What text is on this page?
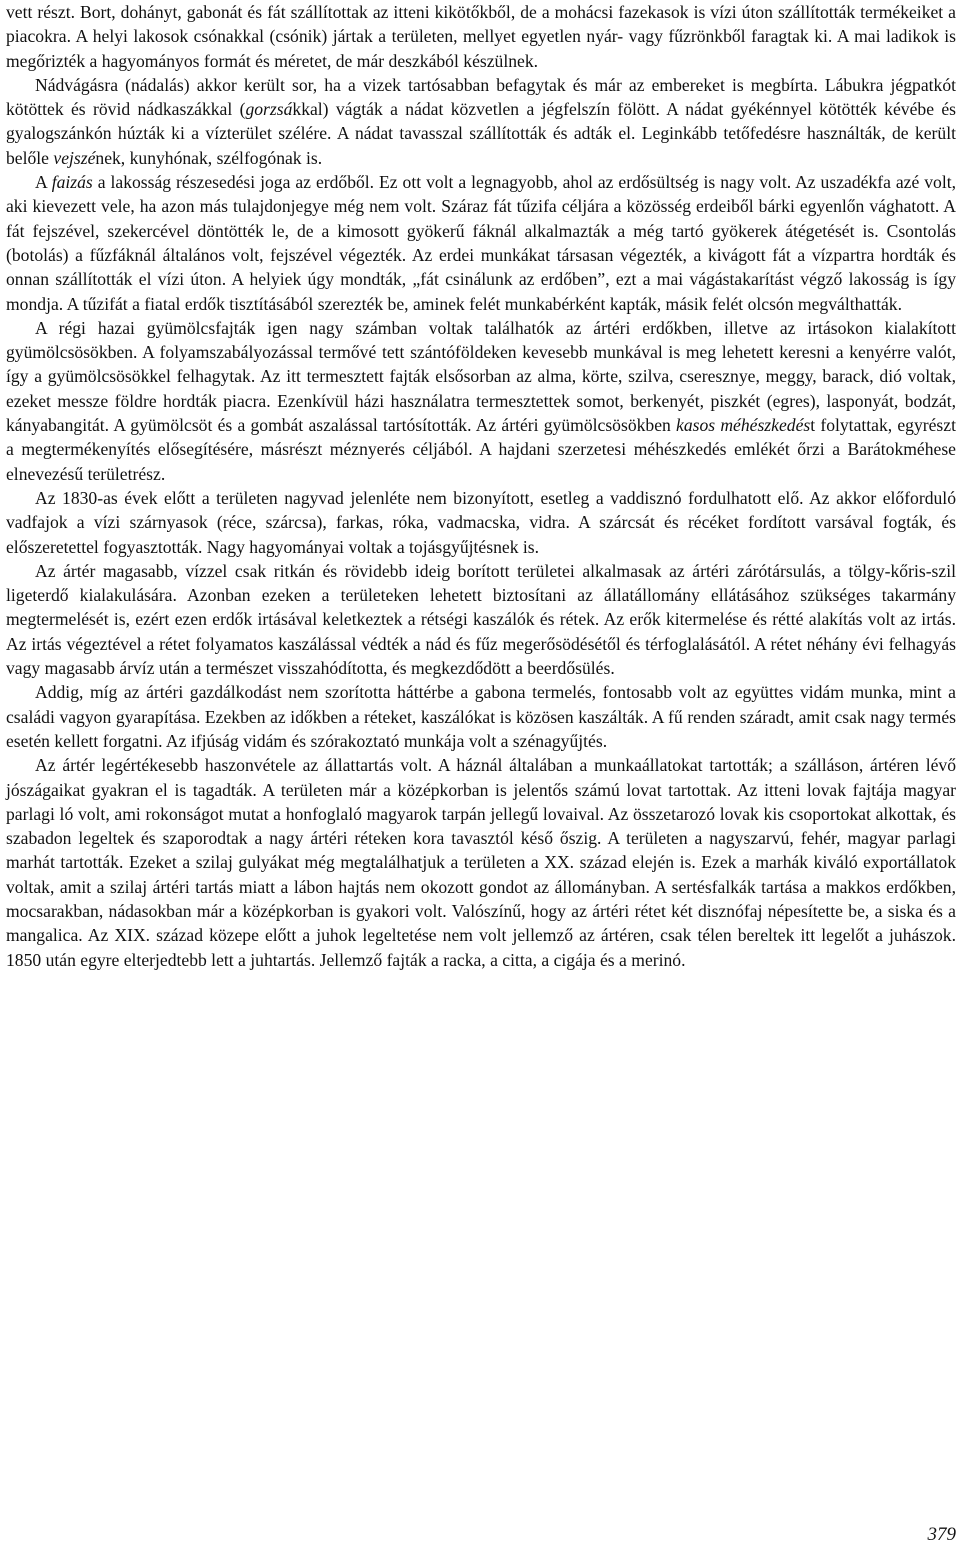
vett részt. Bort, dohányt, gabonát és fát szállítottak az itteni kikötőkből, de a mohácsi fazekasok is vízi úton szállították termékeiket a piacokra. A helyi lakosok csónakkal (csónik) jártak a területen, mellyet egyetlen nyár- vagy fűzrönkből faragtak ki. A mai ladikok is megőrizték a hagyományos formát és méretet, de már deszkából készülnek.

Nádvágásra (nádalás) akkor került sor, ha a vizek tartósabban befagytak és már az embereket is megbírta. Lábukra jégpatkót kötöttek és rövid nádkaszákkal (gorzsákkal) vágták a nádat közvetlen a jégfelszín fölött. A nádat gyékénnyel kötötték kévébe és gyalogszánkón húzták ki a vízterület szélére. A nádat tavasszal szállították és adták el. Leginkább tetőfedésre használták, de került belőle vejszének, kunyhónak, szélfogónak is.

A faizás a lakosság részesedési joga az erdőből. Ez ott volt a legnagyobb, ahol az erdősültség is nagy volt. Az uszadékfa azé volt, aki kievezett vele, ha azon más tulajdonjegye még nem volt. Száraz fát tűzifa céljára a közösség erdeiből bárki egyenlőn vághatott. A fát fejszével, szekercével döntötték le, de a kimosott gyökerű fáknál alkalmazták a még tartó gyökerek átégetését is. Csontolás (botolás) a fűzfáknál általános volt, fejszével végezték. Az erdei munkákat társasan végezték, a kivágott fát a vízpartra hordták és onnan szállították el vízi úton. A helyiek úgy mondták, „fát csinálunk az erdőben”, ezt a mai vágástakarítást végző lakosság is így mondja. A tűzifát a fiatal erdők tisztításából szerezték be, aminek felét munkabérként kapták, másik felét olcsón megválthatták.

A régi hazai gyümölcsfajták igen nagy számban voltak találhatók az ártéri erdőkben, illetve az irtásokon kialakított gyümölcsösökben. A folyamszabályozással termővé tett szántóföldeken kevesebb munkával is meg lehetett keresni a kenyérre valót, így a gyümölcsösökkel felhagytak. Az itt termesztett fajták elsősorban az alma, körte, szilva, cseresznye, meggy, barack, dió voltak, ezeket messze földre hordták piacra. Ezenkívül házi használatra termesztettek somot, berkenyét, piszkét (egres), lasponyát, bodzát, kányabangitát. A gyümölcsöt és a gombát aszalással tartósították. Az ártéri gyümölcsösökben kasos méhészkedést folytattak, egyrészt a megtermékenyítés elősegítésére, másrészt méznyerés céljából. A hajdani szerzetesi méhészkedés emlékét őrzi a Barátokméhese elnevezésű területrész.

Az 1830-as évek előtt a területen nagyvad jelenléte nem bizonyított, esetleg a vaddisznó fordulhatott elő. Az akkor előforduló vadfajok a vízi szárnyasok (réce, szárcsa), farkas, róka, vadmacska, vidra. A szárcsát és récéket fordított varsával fogták, és előszeretettel fogyasztották. Nagy hagyományai voltak a tojásgyűjtésnek is.

Az ártér magasabb, vízzel csak ritkán és rövidebb ideig borított területei alkalmasak az ártéri zárótársulás, a tölgy-kőris-szil ligeterdő kialakulására. Azonban ezeken a területeken lehetett biztosítani az állatállomány ellátásához szükséges takarmány megtermelését is, ezért ezen erdők irtásával keletkeztek a rétségi kaszálók és rétek. Az erők kitermelése és rétté alakítás volt az irtás. Az irtás végeztével a rétet folyamatos kaszálással védték a nád és fűz megerősödésétől és térfoglalásától. A rétet néhány évi felhagyás vagy magasabb árvíz után a természet visszahódította, és megkezdődött a beerdősülés.

Addig, míg az ártéri gazdálkodást nem szorította háttérbe a gabona termelés, fontosabb volt az együttes vidám munka, mint a családi vagyon gyarapítása. Ezekben az időkben a réteket, kaszálókat is közösen kaszálták. A fű renden száradt, amit csak nagy termés esetén kellett forgatni. Az ifjúság vidám és szórakoztató munkája volt a szénagyűjtés.

Az ártér legértékesebb haszonvétele az állattartás volt. A háznál általában a munkaállatokat tartották; a szálláson, ártéren lévő jószágaikat gyakran el is tagadták. A területen már a középkorban is jelentős számú lovat tartottak. Az itteni lovak fajtája magyar parlagi ló volt, ami rokonságot mutat a honfoglaló magyarok tarpán jellegű lovaival. Az összetarozó lovak kis csoportokat alkottak, és szabadon legeltek és szaporodtak a nagy ártéri réteken kora tavasztól késő őszig. A területen a nagyszarvú, fehér, magyar parlagi marhát tartották. Ezeket a szilaj gulyákat még megtalálhatjuk a területen a XX. század elején is. Ezek a marhák kiváló exportállatok voltak, amit a szilaj ártéri tartás miatt a lábon hajtás nem okozott gondot az állományban. A sertésfalkák tartása a makkos erdőkben, mocsarakban, nádasokban már a középkorban is gyakori volt. Valószínű, hogy az ártéri rétet két disznófaj népesítette be, a siska és a mangalica. Az XIX. század közepe előtt a juhok legeltetése nem volt jellemző az ártéren, csak télen bereltek itt legelőt a juhászok. 1850 után egyre elterjedtebb lett a juhtartás. Jellemző fajták a racka, a citta, a cigája és a merinó.

379
